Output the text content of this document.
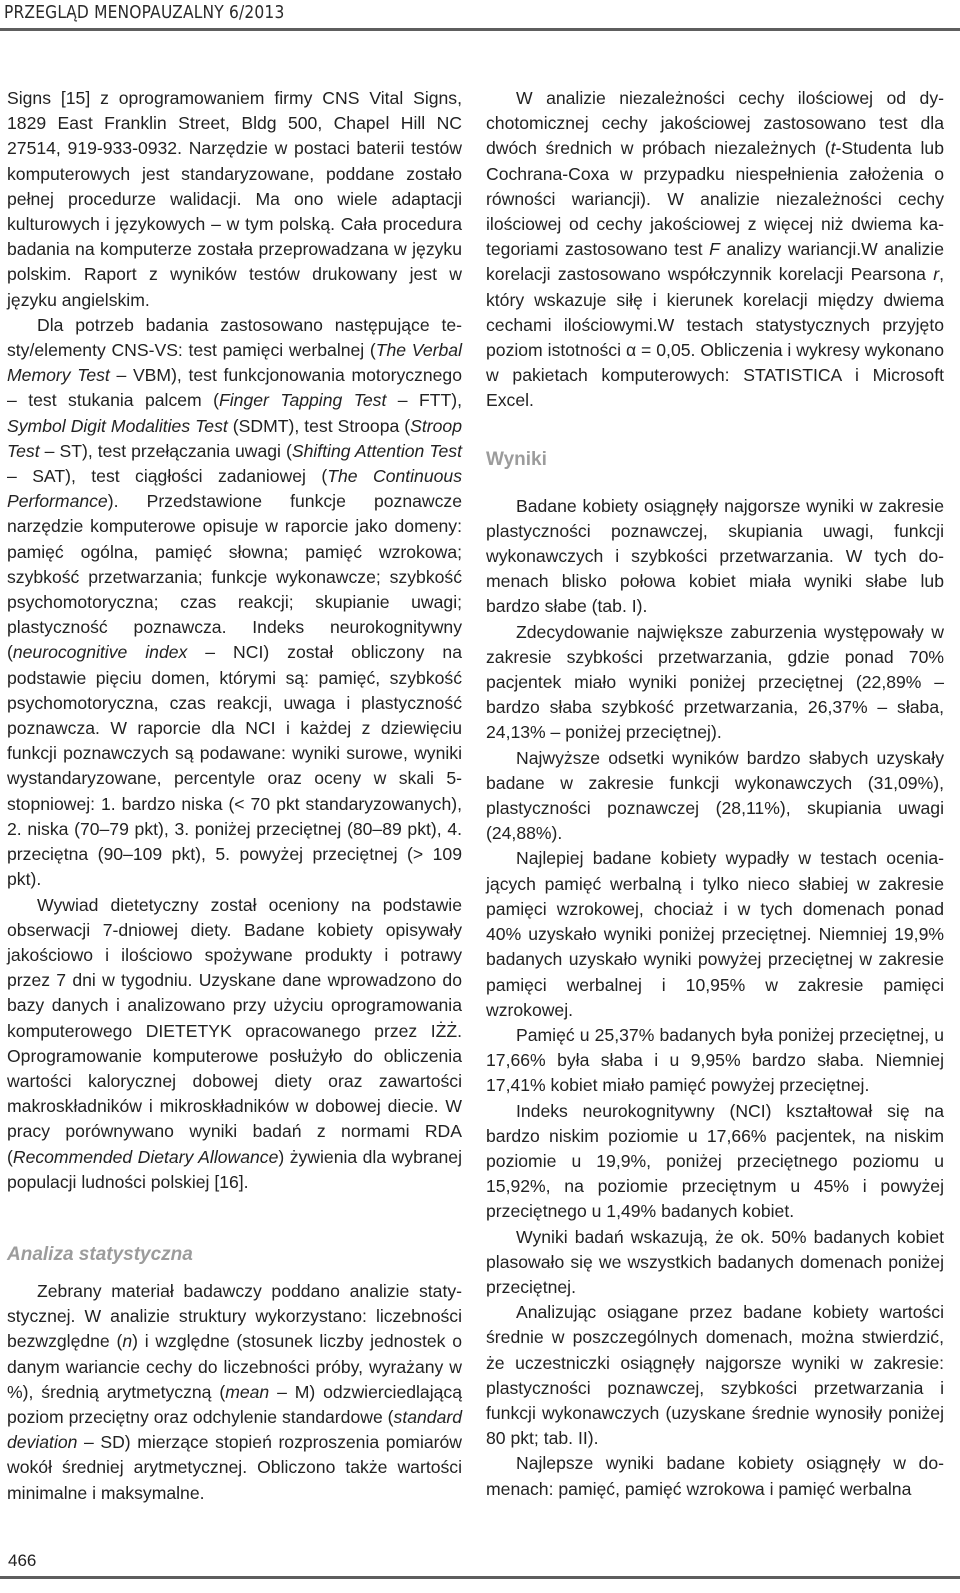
PRZEGLĄD MENOPAUZALNY 6/2013

Signs [15] z oprogramowaniem firmy CNS Vital Signs, 1829 East Franklin Street, Bldg 500, Chapel Hill NC 27514, 919-933-0932. Narzędzie w postaci baterii testów komputerowych jest standaryzowane, poddane zostało pełnej procedurze walidacji. Ma ono wiele adaptacji kulturowych i językowych – w tym polską. Cała procedura badania na komputerze została przeprowadzana w języku polskim. Raport z wyników testów drukowany jest w języku angielskim.

Dla potrzeb badania zastosowano następujące testy/elementy CNS-VS: test pamięci werbalnej (The Verbal Memory Test – VBM), test funkcjonowania motorycznego – test stukania palcem (Finger Tapping Test – FTT), Symbol Digit Modalities Test (SDMT), test Stroopa (Stroop Test – ST), test przełączania uwagi (Shifting Attention Test – SAT), test ciągłości zadaniowej (The Continuous Performance). Przedstawione funkcje poznawcze narzędzie komputerowe opisuje w raporcie jako domeny: pamięć ogólna, pamięć słowna; pamięć wzrokowa; szybkość przetwarzania; funkcje wykonawcze; szybkość psychomotoryczna; czas reakcji; skupianie uwagi; plastyczność poznawcza. Indeks neurokognitywny (neurocognitive index – NCI) został obliczony na podstawie pięciu domen, którymi są: pamięć, szybkość psychomotoryczna, czas reakcji, uwaga i plastyczność poznawcza. W raporcie dla NCI i każdej z dziewięciu funkcji poznawczych są podawane: wyniki surowe, wyniki wystandaryzowane, percentyle oraz oceny w skali 5-stopniowej: 1. bardzo niska (< 70 pkt standaryzowanych), 2. niska (70–79 pkt), 3. poniżej przeciętnej (80–89 pkt), 4. przeciętna (90–109 pkt), 5. powyżej przeciętnej (> 109 pkt).

Wywiad dietetyczny został oceniony na podstawie obserwacji 7-dniowej diety. Badane kobiety opisywały jakościowo i ilościowo spożywane produkty i potrawy przez 7 dni w tygodniu. Uzyskane dane wprowadzono do bazy danych i analizowano przy użyciu oprogramowania komputerowego DIETETYK opracowanego przez IŻŻ. Oprogramowanie komputerowe posłużyło do obliczenia wartości kalorycznej dobowej diety oraz zawartości makroskładników i mikroskładników w dobowej diecie. W pracy porównywano wyniki badań z normami RDA (Recommended Dietary Allowance) żywienia dla wybranej populacji ludności polskiej [16].

Analiza statystyczna

Zebrany materiał badawczy poddano analizie statystycznej. W analizie struktury wykorzystano: liczebności bezwzględne (n) i względne (stosunek liczby jednostek o danym wariancie cechy do liczebności próby, wyrażany w %), średnią arytmetyczną (mean – M) odzwierciedlającą poziom przeciętny oraz odchylenie standardowe (standard deviation – SD) mierzące stopień rozproszenia pomiarów wokół średniej arytmetycznej. Obliczono także wartości minimalne i maksymalne.

W analizie niezależności cechy ilościowej od dychotomicznej cechy jakościowej zastosowano test dla dwóch średnich w próbach niezależnych (t-Studenta lub Cochrana-Coxa w przypadku niespełnienia założenia o równości wariancji). W analizie niezależności cechy ilościowej od cechy jakościowej z więcej niż dwiema kategoriami zastosowano test F analizy wariancji.W analizie korelacji zastosowano współczynnik korelacji Pearsona r, który wskazuje siłę i kierunek korelacji między dwiema cechami ilościowymi.W testach statystycznych przyjęto poziom istotności α = 0,05. Obliczenia i wykresy wykonano w pakietach komputerowych: STATISTICA i Microsoft Excel.

Wyniki

Badane kobiety osiągnęły najgorsze wyniki w zakresie plastyczności poznawczej, skupiania uwagi, funkcji wykonawczych i szybkości przetwarzania. W tych domenach blisko połowa kobiet miała wyniki słabe lub bardzo słabe (tab. I).

Zdecydowanie największe zaburzenia występowały w zakresie szybkości przetwarzania, gdzie ponad 70% pacjentek miało wyniki poniżej przeciętnej (22,89% – bardzo słaba szybkość przetwarzania, 26,37% – słaba, 24,13% – poniżej przeciętnej).

Najwyższe odsetki wyników bardzo słabych uzyskały badane w zakresie funkcji wykonawczych (31,09%), plastyczności poznawczej (28,11%), skupiania uwagi (24,88%).

Najlepiej badane kobiety wypadły w testach oceniających pamięć werbalną i tylko nieco słabiej w zakresie pamięci wzrokowej, chociaż i w tych domenach ponad 40% uzyskało wyniki poniżej przeciętnej. Niemniej 19,9% badanych uzyskało wyniki powyżej przeciętnej w zakresie pamięci werbalnej i 10,95% w zakresie pamięci wzrokowej.

Pamięć u 25,37% badanych była poniżej przeciętnej, u 17,66% była słaba i u 9,95% bardzo słaba. Niemniej 17,41% kobiet miało pamięć powyżej przeciętnej.

Indeks neurokognitywny (NCI) kształtował się na bardzo niskim poziomie u 17,66% pacjentek, na niskim poziomie u 19,9%, poniżej przeciętnego poziomu u 15,92%, na poziomie przeciętnym u 45% i powyżej przeciętnego u 1,49% badanych kobiet.

Wyniki badań wskazują, że ok. 50% badanych kobiet plasowało się we wszystkich badanych domenach poniżej przeciętnej.

Analizując osiągane przez badane kobiety wartości średnie w poszczególnych domenach, można stwierdzić, że uczestniczki osiągnęły najgorsze wyniki w zakresie: plastyczności poznawczej, szybkości przetwarzania i funkcji wykonawczych (uzyskane średnie wynosiły poniżej 80 pkt; tab. II).

Najlepsze wyniki badane kobiety osiągnęły w domenach: pamięć, pamięć wzrokowa i pamięć werbalna

466
